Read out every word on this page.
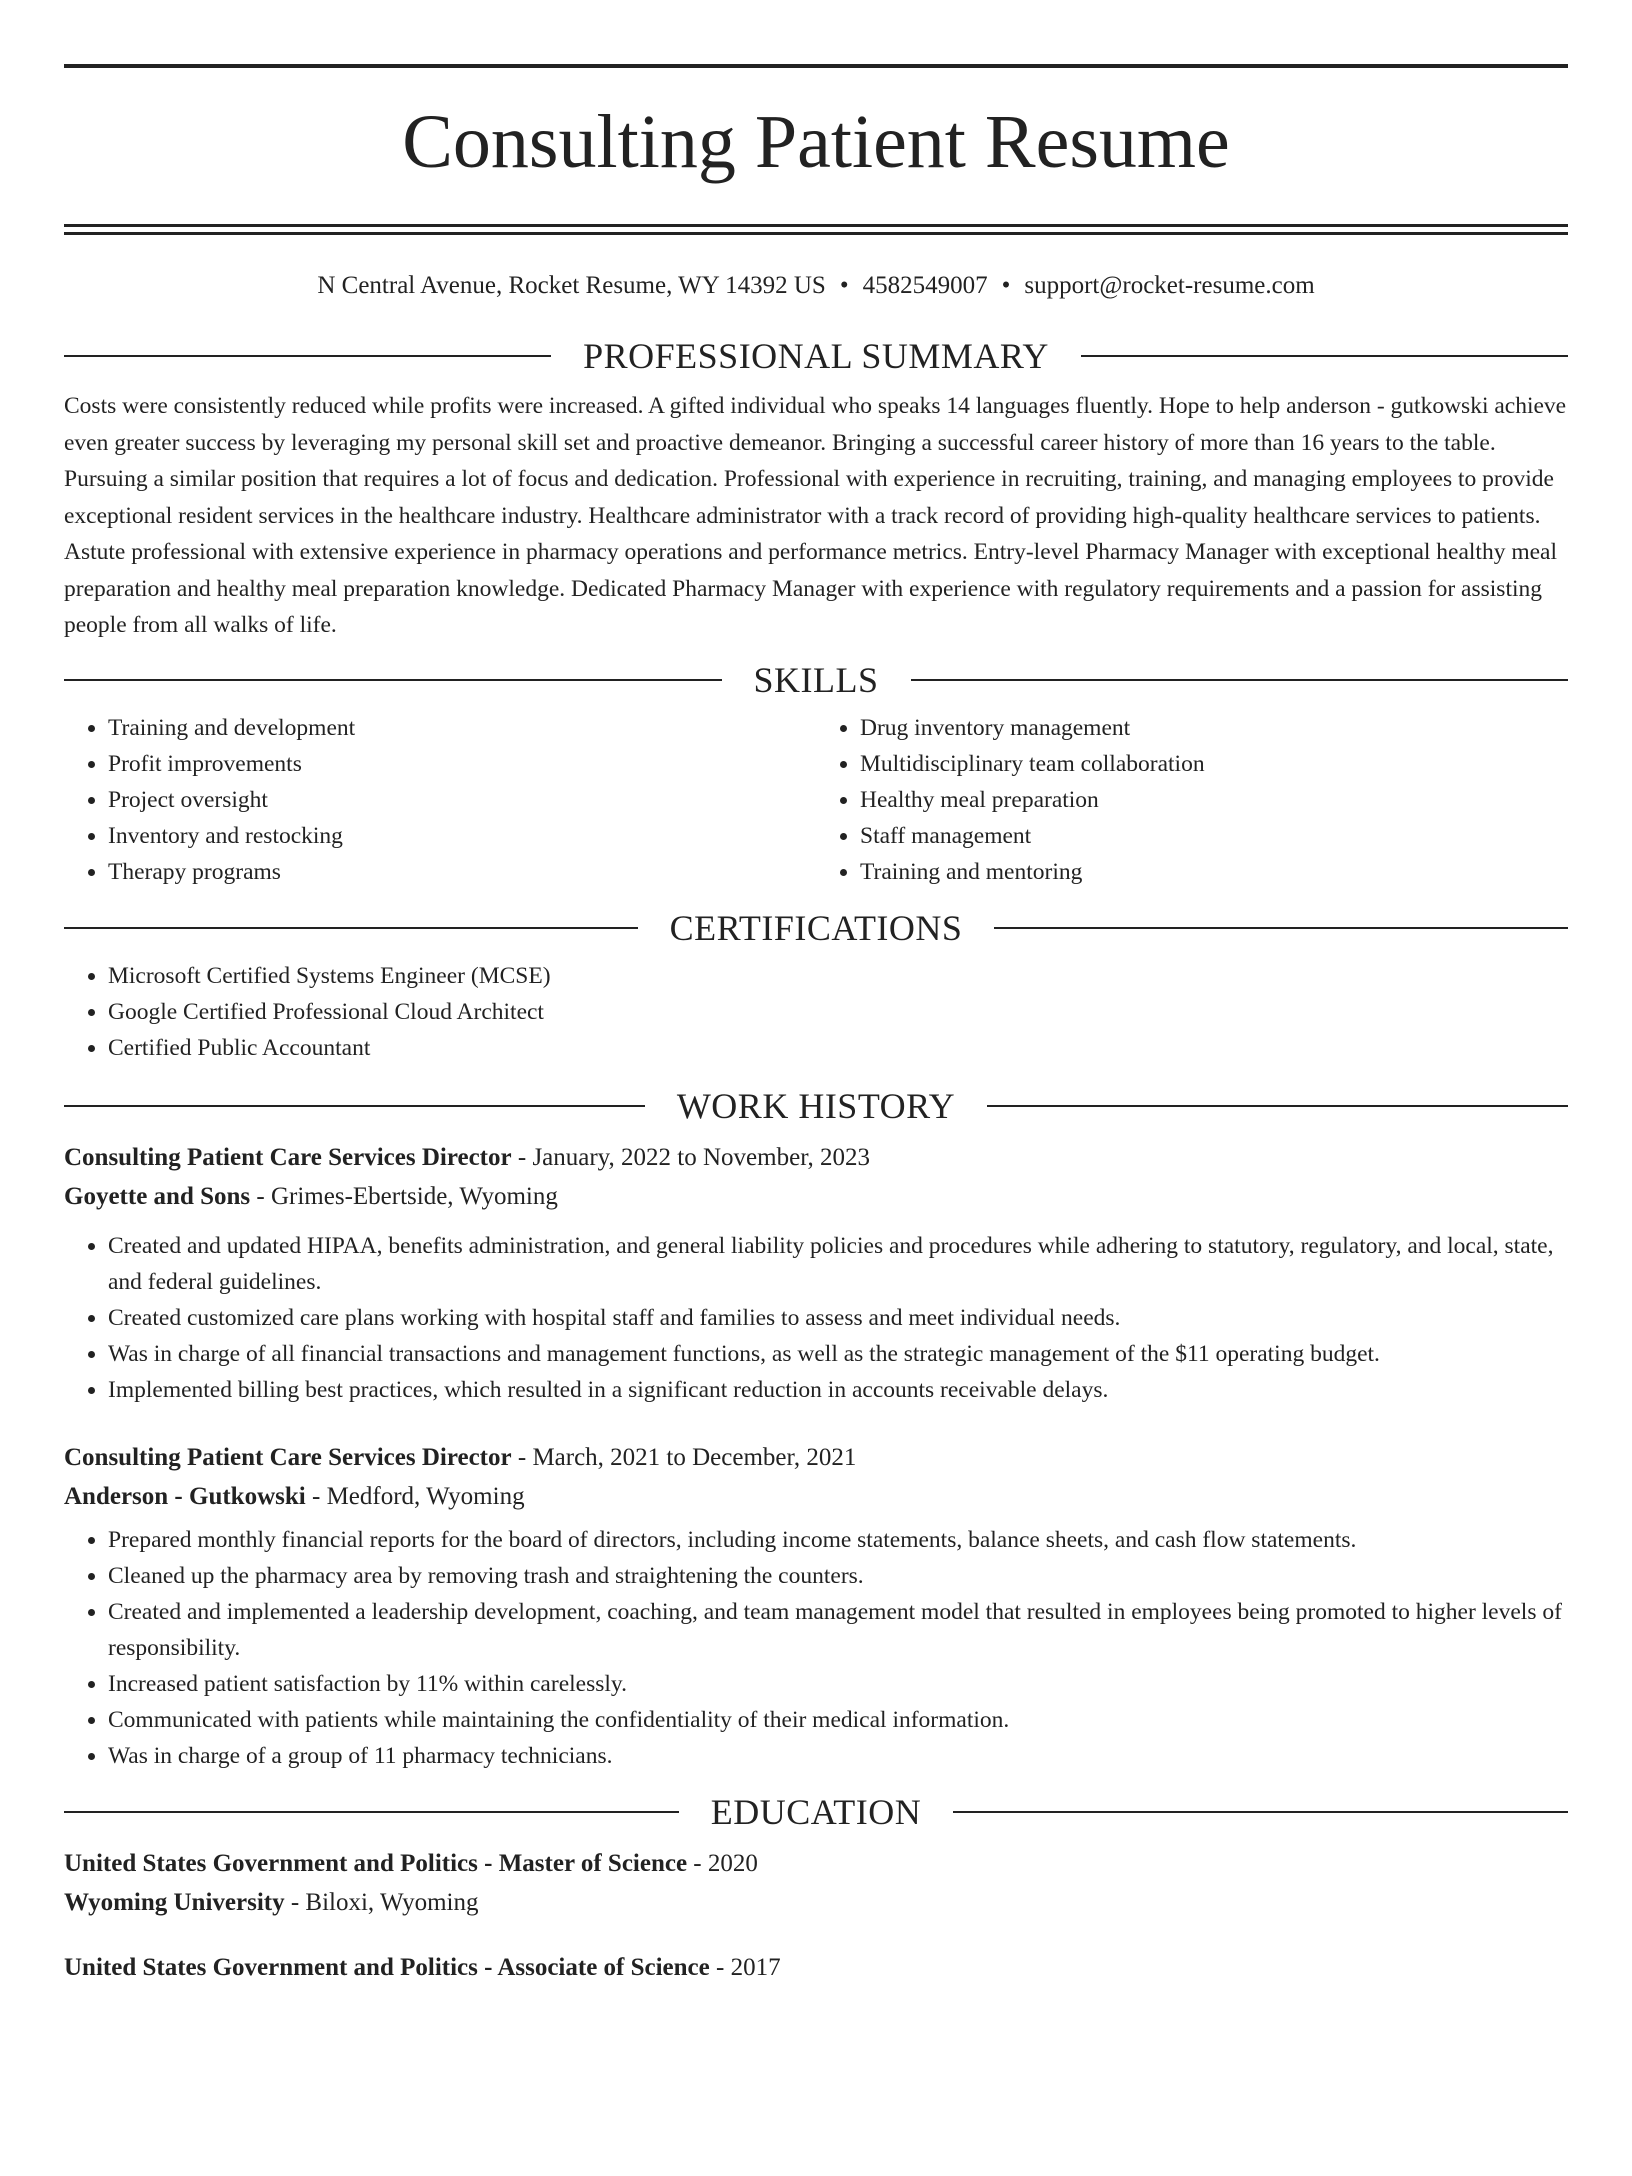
Consulting Patient Resume
N Central Avenue, Rocket Resume, WY 14392 US • 4582549007 • support@rocket-resume.com
PROFESSIONAL SUMMARY

Costs were consistently reduced while profits were increased. A gifted individual who speaks 14 languages fluently. Hope to help anderson - gutkowski achieve even greater success by leveraging my personal skill set and proactive demeanor. Bringing a successful career history of more than 16 years to the table. Pursuing a similar position that requires a lot of focus and dedication. Professional with experience in recruiting, training, and managing employees to provide exceptional resident services in the healthcare industry. Healthcare administrator with a track record of providing high-quality healthcare services to patients. Astute professional with extensive experience in pharmacy operations and performance metrics. Entry-level Pharmacy Manager with exceptional healthy meal preparation and healthy meal preparation knowledge. Dedicated Pharmacy Manager with experience with regulatory requirements and a passion for assisting people from all walks of life.

SKILLS
• Training and development
• Profit improvements
• Project oversight
• Inventory and restocking
• Therapy programs
• Drug inventory management
• Multidisciplinary team collaboration
• Healthy meal preparation
• Staff management
• Training and mentoring
CERTIFICATIONS
• Microsoft Certified Systems Engineer (MCSE)
• Google Certified Professional Cloud Architect
• Certified Public Accountant
WORK HISTORY
Consulting Patient Care Services Director - January, 2022 to November, 2023
Goyette and Sons - Grimes-Ebertside, Wyoming
• Created and updated HIPAA, benefits administration, and general liability policies and procedures while adhering to statutory, regulatory, and local, state, and federal guidelines.
• Created customized care plans working with hospital staff and families to assess and meet individual needs.
• Was in charge of all financial transactions and management functions, as well as the strategic management of the $11 operating budget.
• Implemented billing best practices, which resulted in a significant reduction in accounts receivable delays.
Consulting Patient Care Services Director - March, 2021 to December, 2021
Anderson - Gutkowski - Medford, Wyoming
• Prepared monthly financial reports for the board of directors, including income statements, balance sheets, and cash flow statements.
• Cleaned up the pharmacy area by removing trash and straightening the counters.
• Created and implemented a leadership development, coaching, and team management model that resulted in employees being promoted to higher levels of responsibility.
• Increased patient satisfaction by 11% within carelessly.
• Communicated with patients while maintaining the confidentiality of their medical information.
• Was in charge of a group of 11 pharmacy technicians.
EDUCATION
United States Government and Politics - Master of Science - 2020
Wyoming University - Biloxi, Wyoming
United States Government and Politics - Associate of Science - 2017
